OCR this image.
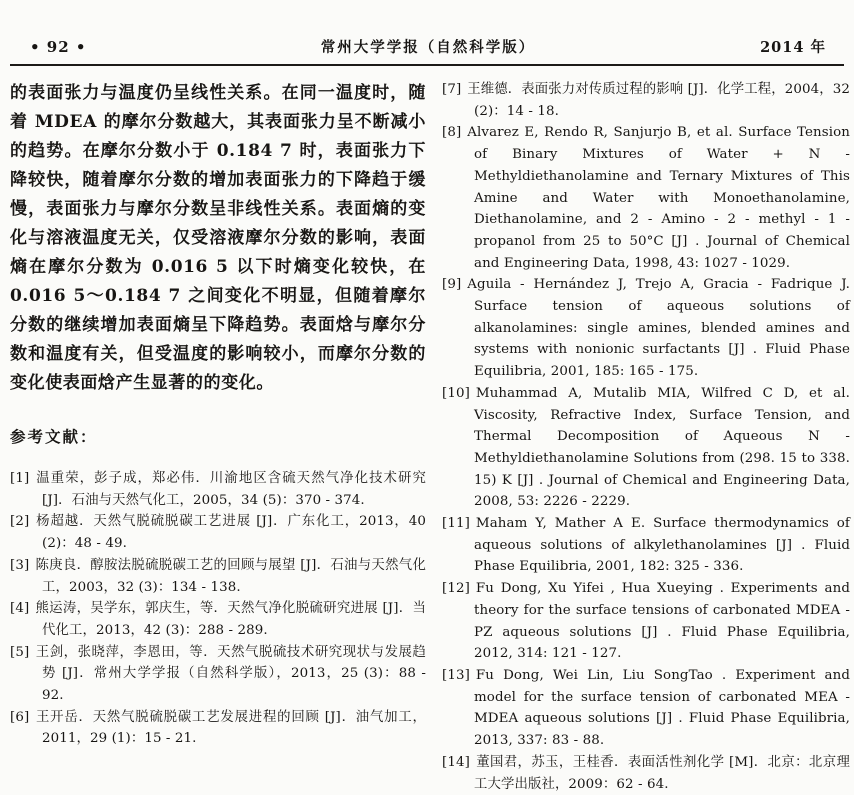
• 92 •	常州大学学报（自然科学版）	2014 年

的表面张力与温度仍呈线性关系。在同一温度时，随着 MDEA 的摩尔分数越大，其表面张力呈不断减小的趋势。在摩尔分数小于 0.184 7 时，表面张力下降较快，随着摩尔分数的增加表面张力的下降趋于缓慢，表面张力与摩尔分数呈非线性关系。表面熵的变化与溶液温度无关，仅受溶液摩尔分数的影响，表面熵在摩尔分数为 0.016 5 以下时熵变化较快，在 0.016 5～0.184 7 之间变化不明显，但随着摩尔分数的继续增加表面熵呈下降趋势。表面焓与摩尔分数和温度有关，但受温度的影响较小，而摩尔分数的变化使表面焓产生显著的的变化。

参考文献：
[1] 温重荣，彭子成，郑必伟．川渝地区含硫天然气净化技术研究 [J]．石油与天然气化工，2005，34 (5)：370 - 374.
[2] 杨超越．天然气脱硫脱碳工艺进展 [J]．广东化工，2013，40 (2)：48 - 49.
[3] 陈庚良．醇胺法脱硫脱碳工艺的回顾与展望 [J]．石油与天然气化工，2003，32 (3)：134 - 138.
[4] 熊运涛，吴学东，郭庆生，等．天然气净化脱硫研究进展 [J]．当代化工，2013，42 (3)：288 - 289.
[5] 王剑，张晓萍，李恩田，等．天然气脱硫技术研究现状与发展趋势 [J]．常州大学学报（自然科学版），2013，25 (3)：88 - 92.
[6] 王开岳．天然气脱硫脱碳工艺发展进程的回顾 [J]．油气加工，2011，29 (1)：15 - 21.
[7] 王维德．表面张力对传质过程的影响 [J]．化学工程，2004，32 (2)：14 - 18.
[8] Alvarez E, Rendo R, Sanjurjo B, et al. Surface Tension of Binary Mixtures of Water + N - Methyldiethanolamine and Ternary Mixtures of This Amine and Water with Monoethanolamine, Diethanolamine, and 2 - Amino - 2 - methyl - 1 - propanol from 25 to 50°C [J] . Journal of Chemical and Engineering Data, 1998, 43: 1027 - 1029.
[9] Aguila - Hernández J, Trejo A, Gracia - Fadrique J. Surface tension of aqueous solutions of alkanolamines: single amines, blended amines and systems with nonionic surfactants [J] . Fluid Phase Equilibria, 2001, 185: 165 - 175.
[10] Muhammad A, Mutalib MIA, Wilfred C D, et al. Viscosity, Refractive Index, Surface Tension, and Thermal Decomposition of Aqueous N - Methyldiethanolamine Solutions from (298. 15 to 338. 15) K [J] . Journal of Chemical and Engineering Data, 2008, 53: 2226 - 2229.
[11] Maham Y, Mather A E. Surface thermodynamics of aqueous solutions of alkylethanolamines [J] . Fluid Phase Equilibria, 2001, 182: 325 - 336.
[12] Fu Dong, Xu Yifei , Hua Xueying . Experiments and theory for the surface tensions of carbonated MDEA - PZ aqueous solutions [J] . Fluid Phase Equilibria, 2012, 314: 121 - 127.
[13] Fu Dong, Wei Lin, Liu SongTao . Experiment and model for the surface tension of carbonated MEA - MDEA aqueous solutions [J] . Fluid Phase Equilibria, 2013, 337: 83 - 88.
[14] 董国君，苏玉，王桂香．表面活性剂化学 [M]．北京：北京理工大学出版社，2009：62 - 64.
